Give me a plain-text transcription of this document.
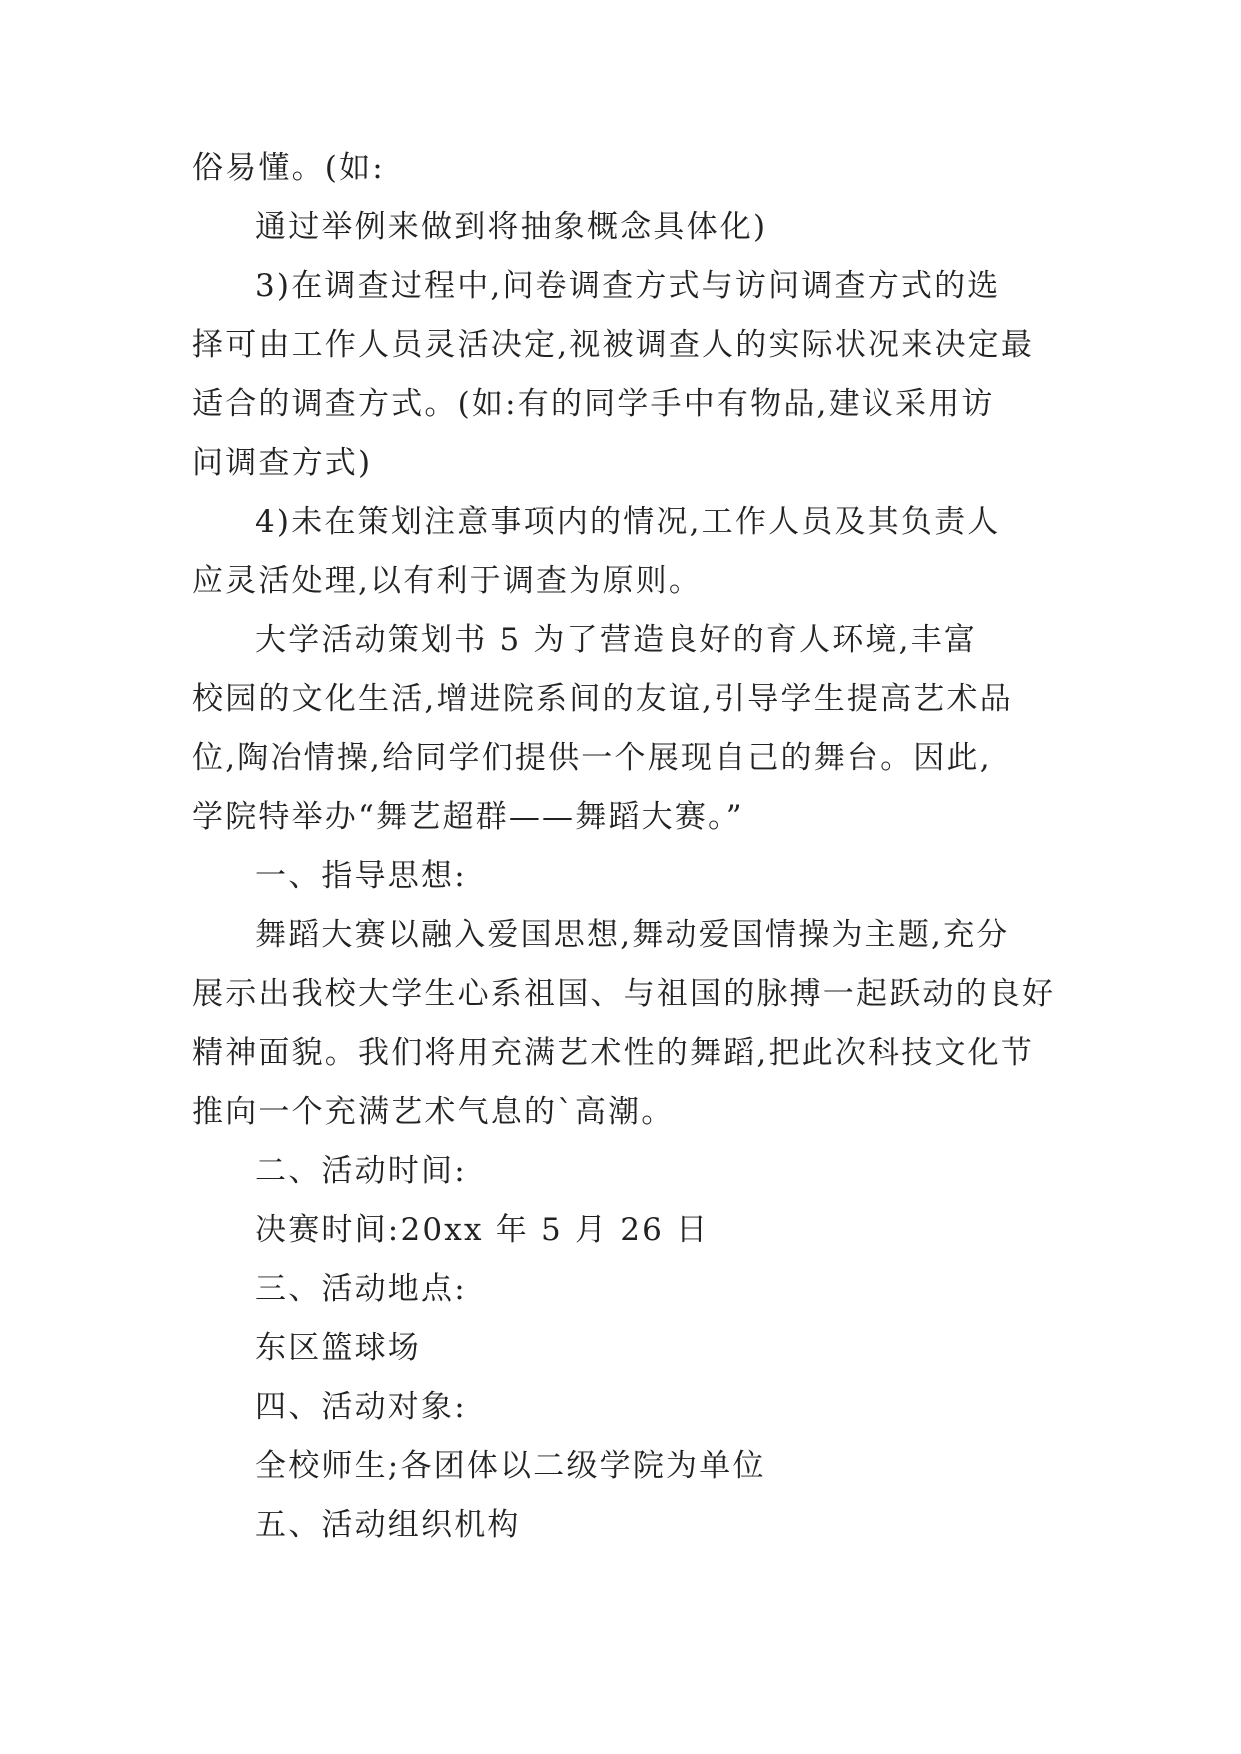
俗易懂。(如:
通过举例来做到将抽象概念具体化)
3)在调查过程中,问卷调查方式与访问调查方式的选
择可由工作人员灵活决定,视被调查人的实际状况来决定最
适合的调查方式。(如:有的同学手中有物品,建议采用访
问调查方式)
4)未在策划注意事项内的情况,工作人员及其负责人
应灵活处理,以有利于调查为原则。
大学活动策划书 5 为了营造良好的育人环境,丰富
校园的文化生活,增进院系间的友谊,引导学生提高艺术品
位,陶冶情操,给同学们提供一个展现自己的舞台。因此,
学院特举办“舞艺超群——舞蹈大赛。”
一、指导思想:
舞蹈大赛以融入爱国思想,舞动爱国情操为主题,充分
展示出我校大学生心系祖国、与祖国的脉搏一起跃动的良好
精神面貌。我们将用充满艺术性的舞蹈,把此次科技文化节
推向一个充满艺术气息的`高潮。
二、活动时间:
决赛时间:20xx 年 5 月 26 日
三、活动地点:
东区篮球场
四、活动对象:
全校师生;各团体以二级学院为单位
五、活动组织机构
